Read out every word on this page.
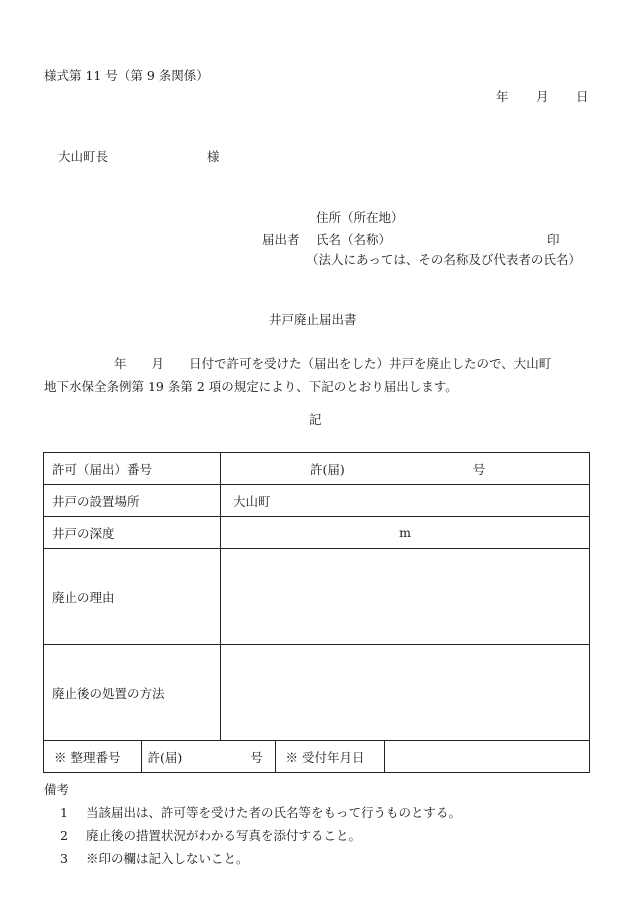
様式第 11 号（第 9 条関係）
年 月 日
大山町長	様
住所（所在地）
届出者 氏名（名称）	印
（法人にあっては、その名称及び代表者の氏名）
井戸廃止届出書
年　　月　　日付で許可を受けた（届出をした）井戸を廃止したので、大山町
地下水保全条例第 19 条第 2 項の規定により、下記のとおり届出します。
記
許可（届出）番号	許(届)	号
井戸の設置場所	大山町
井戸の深度	m
廃止の理由	
廃止後の処置の方法	

※ 整理番号	許(届)	号	※ 受付年月日	
備考
1 当該届出は、許可等を受けた者の氏名等をもって行うものとする。
2 廃止後の措置状況がわかる写真を添付すること。
3 ※印の欄は記入しないこと。
